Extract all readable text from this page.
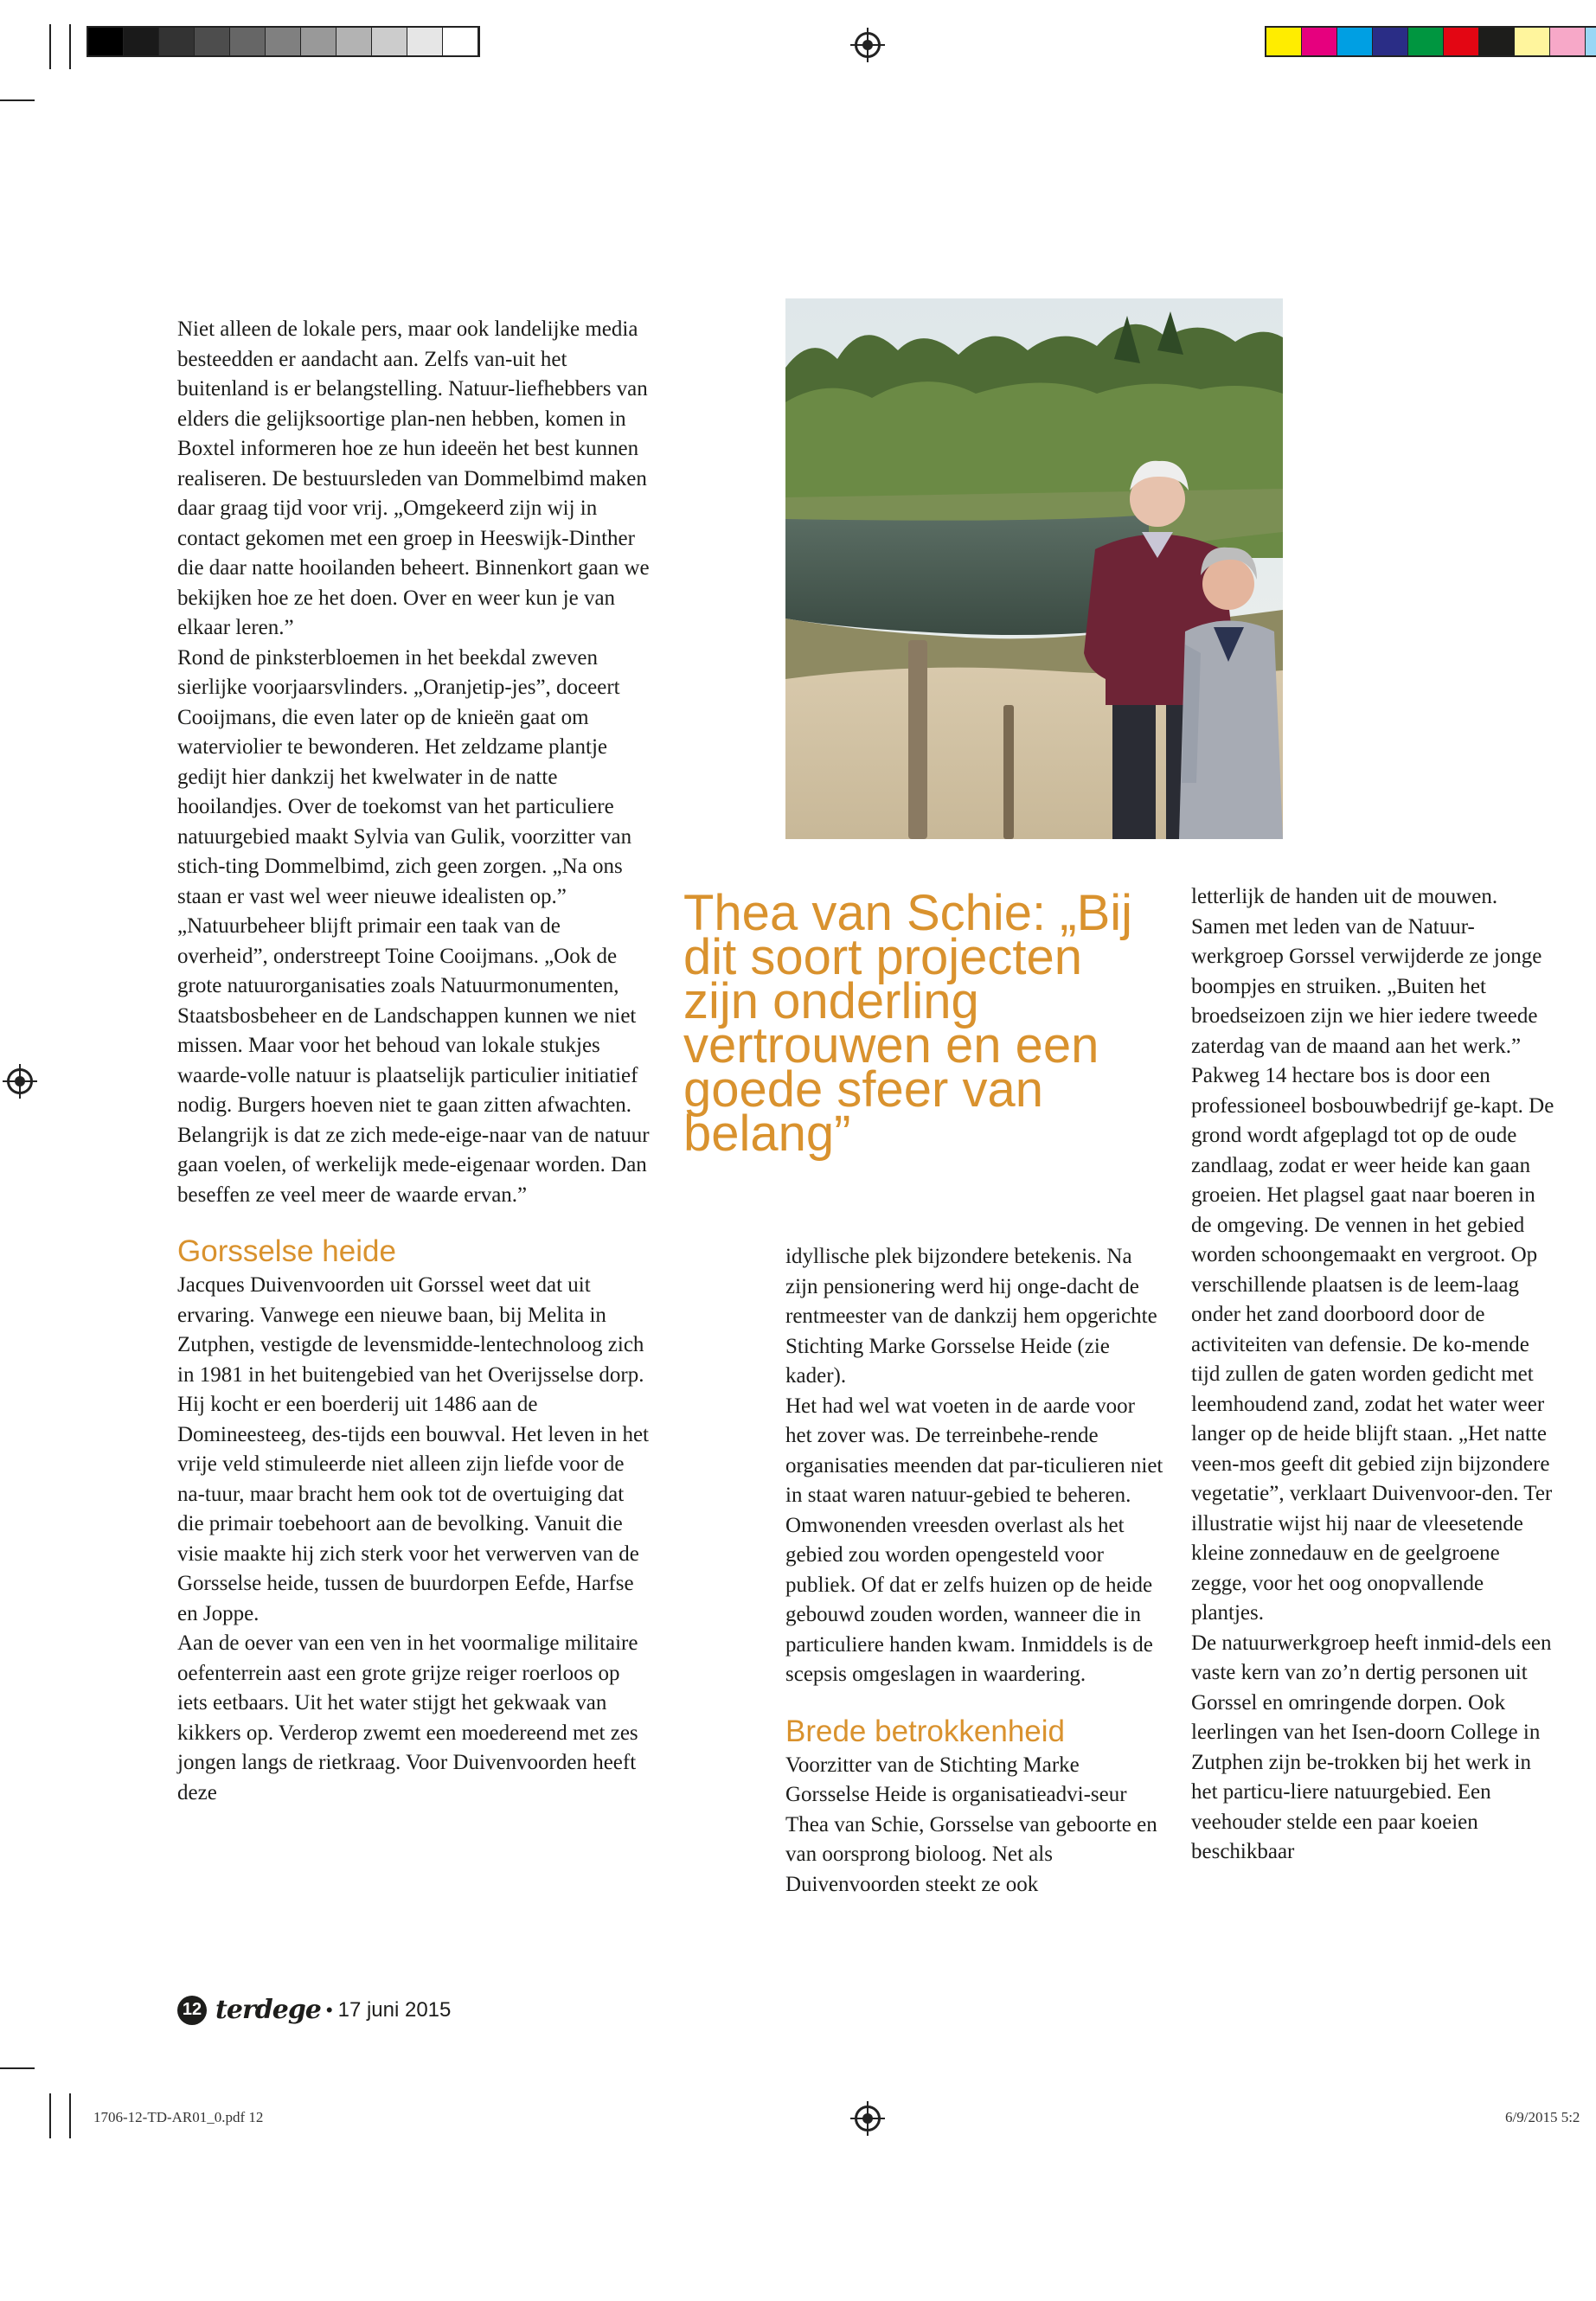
1706-12-TD-AR01_0.pdf 12	6/9/2015 5:2

Niet alleen de lokale pers, maar ook landelijke media besteedden er aandacht aan. Zelfs van-uit het buitenland is er belangstelling. Natuur-liefhebbers van elders die gelijksoortige plan-nen hebben, komen in Boxtel informeren hoe ze hun ideeën het best kunnen realiseren. De bestuursleden van Dommelbimd maken daar graag tijd voor vrij. „Omgekeerd zijn wij in contact gekomen met een groep in Heeswijk-Dinther die daar natte hooilanden beheert. Binnenkort gaan we bekijken hoe ze het doen. Over en weer kun je van elkaar leren.”

Rond de pinksterbloemen in het beekdal zweven sierlijke voorjaarsvlinders. „Oranjetip-jes”, doceert Cooijmans, die even later op de knieën gaat om waterviolier te bewonderen. Het zeldzame plantje gedijt hier dankzij het kwelwater in de natte hooilandjes. Over de toekomst van het particuliere natuurgebied maakt Sylvia van Gulik, voorzitter van stich-ting Dommelbimd, zich geen zorgen. „Na ons staan er vast wel weer nieuwe idealisten op.”

„Natuurbeheer blijft primair een taak van de overheid”, onderstreept Toine Cooijmans. „Ook de grote natuurorganisaties zoals Natuurmonumenten, Staatsbosbeheer en de Landschappen kunnen we niet missen. Maar voor het behoud van lokale stukjes waarde-volle natuur is plaatselijk particulier initiatief nodig. Burgers hoeven niet te gaan zitten afwachten. Belangrijk is dat ze zich mede-eige-naar van de natuur gaan voelen, of werkelijk mede-eigenaar worden. Dan beseffen ze veel meer de waarde ervan.”

Gorsselse heide

Jacques Duivenvoorden uit Gorssel weet dat uit ervaring. Vanwege een nieuwe baan, bij Melita in Zutphen, vestigde de levensmidde-lentechnoloog zich in 1981 in het buitengebied van het Overijsselse dorp. Hij kocht er een boerderij uit 1486 aan de Domineesteeg, des-tijds een bouwval. Het leven in het vrije veld stimuleerde niet alleen zijn liefde voor de na-tuur, maar bracht hem ook tot de overtuiging dat die primair toebehoort aan de bevolking. Vanuit die visie maakte hij zich sterk voor het verwerven van de Gorsselse heide, tussen de buurdorpen Eefde, Harfse en Joppe.

Aan de oever van een ven in het voormalige militaire oefenterrein aast een grote grijze reiger roerloos op iets eetbaars. Uit het water stijgt het gekwaak van kikkers op. Verderop zwemt een moedereend met zes jongen langs de rietkraag. Voor Duivenvoorden heeft deze

Thea van Schie: „Bij dit soort projecten zijn onderling vertrouwen en een goede sfeer van belang”

idyllische plek bijzondere betekenis. Na zijn pensionering werd hij onge-dacht de rentmeester van de dankzij hem opgerichte Stichting Marke Gorsselse Heide (zie kader).

Het had wel wat voeten in de aarde voor het zover was. De terreinbehe-rende organisaties meenden dat par-ticulieren niet in staat waren natuur-gebied te beheren. Omwonenden vreesden overlast als het gebied zou worden opengesteld voor publiek. Of dat er zelfs huizen op de heide gebouwd zouden worden, wanneer die in particuliere handen kwam. Inmiddels is de scepsis omgeslagen in waardering.

Brede betrokkenheid

Voorzitter van de Stichting Marke Gorsselse Heide is organisatieadvi-seur Thea van Schie, Gorsselse van geboorte en van oorsprong bioloog. Net als Duivenvoorden steekt ze ook

letterlijk de handen uit de mouwen. Samen met leden van de Natuur-werkgroep Gorssel verwijderde ze jonge boompjes en struiken. „Buiten het broedseizoen zijn we hier iedere tweede zaterdag van de maand aan het werk.”

Pakweg 14 hectare bos is door een professioneel bosbouwbedrijf ge-kapt. De grond wordt afgeplagd tot op de oude zandlaag, zodat er weer heide kan gaan groeien. Het plagsel gaat naar boeren in de omgeving. De vennen in het gebied worden schoongemaakt en vergroot. Op verschillende plaatsen is de leem-laag onder het zand doorboord door de activiteiten van defensie. De ko-mende tijd zullen de gaten worden gedicht met leemhoudend zand, zodat het water weer langer op de heide blijft staan. „Het natte veen-mos geeft dit gebied zijn bijzondere vegetatie”, verklaart Duivenvoor-den. Ter illustratie wijst hij naar de vleesetende kleine zonnedauw en de geelgroene zegge, voor het oog onopvallende plantjes.

De natuurwerkgroep heeft inmid-dels een vaste kern van zo’n dertig personen uit Gorssel en omringende dorpen. Ook leerlingen van het Isen-doorn College in Zutphen zijn be-trokken bij het werk in het particu-liere natuurgebied. Een veehouder stelde een paar koeien beschikbaar

12 terdege • 17 juni 2015
